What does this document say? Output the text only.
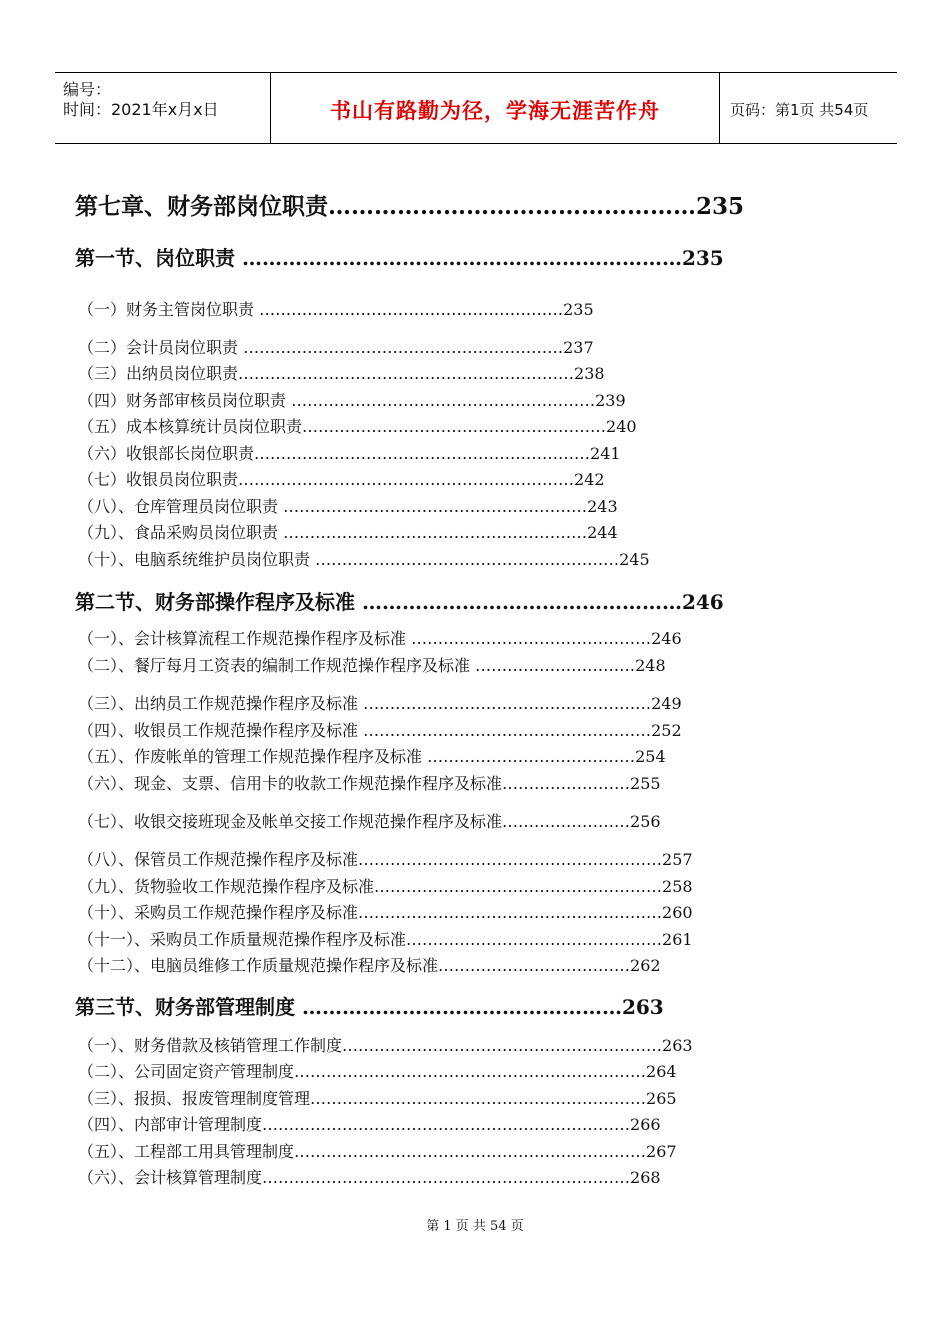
编号：
时间：2021年x月x日	书山有路勤为径，学海无涯苦作舟	页码：第1页 共54页
第七章、财务部岗位职责…………………………………………235
第一节、岗位职责 …………………………………………………………235
（一）财务主管岗位职责 …………………………………………………235
（二）会计员岗位职责 ……………………………………………………237
（三）出纳员岗位职责………………………………………………………238
（四）财务部审核员岗位职责 …………………………………………………239
（五）成本核算统计员岗位职责…………………………………………………240
（六）收银部长岗位职责………………………………………………………241
（七）收银员岗位职责………………………………………………………242
（八）、仓库管理员岗位职责 …………………………………………………243
（九）、食品采购员岗位职责 …………………………………………………244
（十）、电脑系统维护员岗位职责 …………………………………………………245
第二节、财务部操作程序及标准 …………………………………………246
（一）、会计核算流程工作规范操作程序及标准 ………………………………………246
（二）、餐厅每月工资表的编制工作规范操作程序及标准 …………………………248
（三）、出纳员工作规范操作程序及标准 ………………………………………………249
（四）、收银员工作规范操作程序及标准 ………………………………………………252
（五）、作废帐单的管理工作规范操作程序及标准 …………………………………254
（六）、现金、支票、信用卡的收款工作规范操作程序及标准……………………255
（七）、收银交接班现金及帐单交接工作规范操作程序及标准……………………256
（八）、保管员工作规范操作程序及标准…………………………………………………257
（九）、货物验收工作规范操作程序及标准………………………………………………258
（十）、采购员工作规范操作程序及标准…………………………………………………260
（十一）、采购员工作质量规范操作程序及标准…………………………………………261
（十二）、电脑员维修工作质量规范操作程序及标准………………………………262
第三节、财务部管理制度 …………………………………………263
（一）、财务借款及核销管理工作制度……………………………………………………263
（二）、公司固定资产管理制度…………………………………………………………264
（三）、报损、报废管理制度管理………………………………………………………265
（四）、内部审计管理制度……………………………………………………………266
（五）、工程部工用具管理制度…………………………………………………………267
（六）、会计核算管理制度……………………………………………………………268
第 1 页 共 54 页
